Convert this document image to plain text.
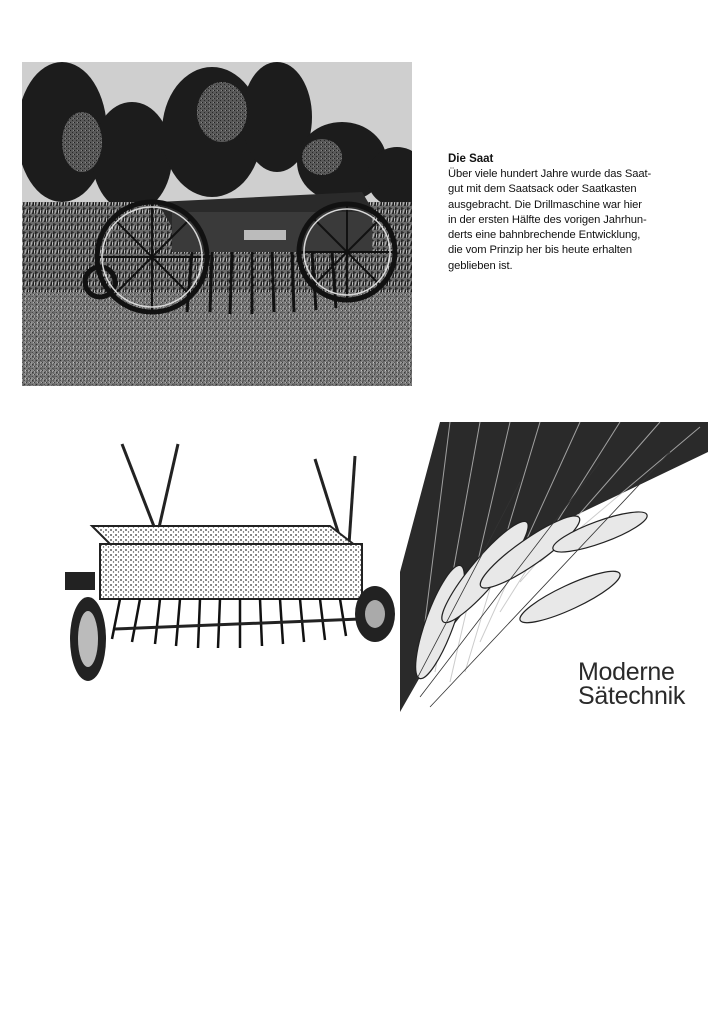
Die Saat

Über viele hundert Jahre wurde das Saat-
gut mit dem Saatsack oder Saatkasten
ausgebracht. Die Drillmaschine war hier
in der ersten Hälfte des vorigen Jahrhun-
derts eine bahnbrechende Entwicklung,
die vom Prinzip her bis heute erhalten
geblieben ist.

Moderne
Sätechnik
